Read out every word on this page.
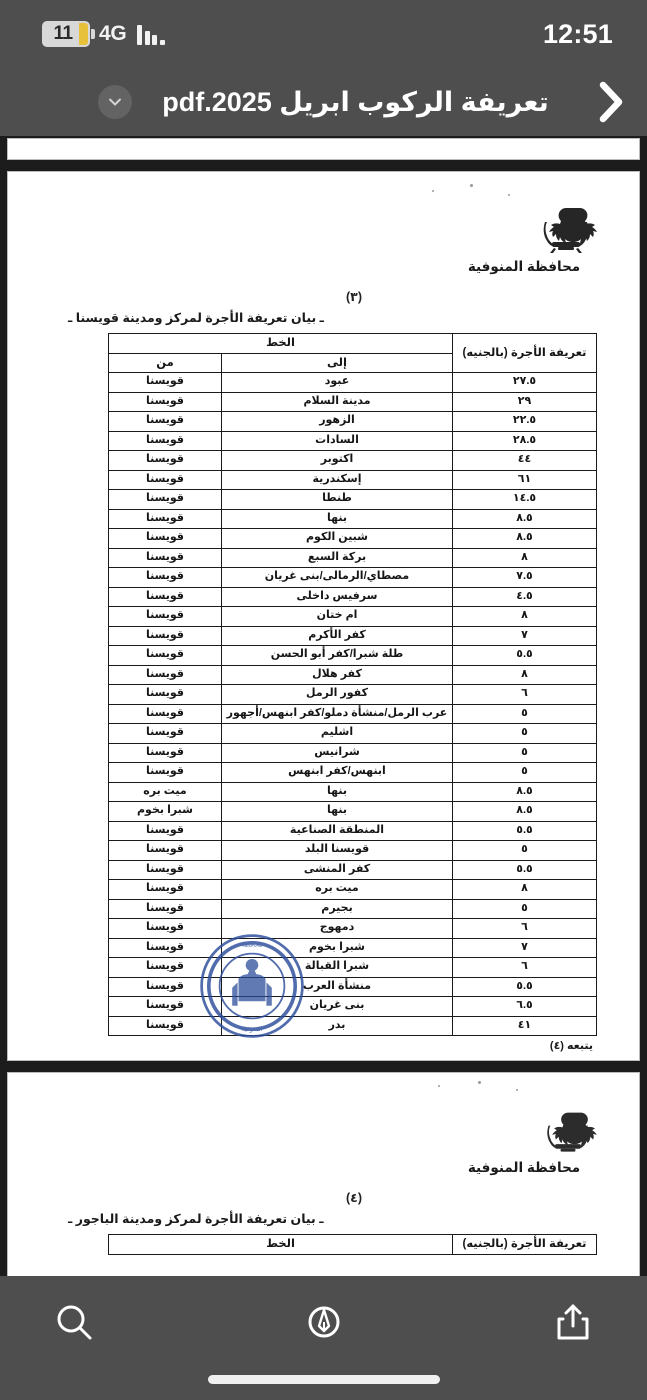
11 4G	12:51
تعريفة الركوب ابريل 2025.pdf
محافظة المنوفية
(٣)
ـ بيان تعريفة الأجرة لمركز ومدينة قويسنا ـ
تعريفة الأجرة (بالجنيه)	الخط	
	إلى	من
٢٧.٥	عبود	قويسنا
٢٩	مدينة السلام	قويسنا
٢٢.٥	الزهور	قويسنا
٢٨.٥	السادات	قويسنا
٤٤	اكتوبر	قويسنا
٦١	إسكندرية	قويسنا
١٤.٥	طنطا	قويسنا
٨.٥	بنها	قويسنا
٨.٥	شبين الكوم	قويسنا
٨	بركة السبع	قويسنا
٧.٥	مصطاي/الرمالى/بنى غريان	قويسنا
٤.٥	سرفيس داخلى	قويسنا
٨	ام ختان	قويسنا
٧	كفر الأكرم	قويسنا
٥.٥	طلة شبرا/كفر أبو الحسن	قويسنا
٨	كفر هلال	قويسنا
٦	كفور الرمل	قويسنا
٥	عرب الرمل/منشأة دملو/كفر ابنهس/أجهور	قويسنا
٥	اشليم	قويسنا
٥	شرانيس	قويسنا
٥	ابنهس/كفر ابنهس	قويسنا
٨.٥	بنها	ميت بره
٨.٥	بنها	شبرا بخوم
٥.٥	المنطقة الصناعية	قويسنا
٥	قويسنا البلد	قويسنا
٥.٥	كفر المنشى	قويسنا
٨	ميت بره	قويسنا
٥	بجيرم	قويسنا
٦	دمهوج	قويسنا
٧	شبرا بخوم	قويسنا
٦	شبرا القبالة	قويسنا
٥.٥	منشأة العرب	قويسنا
٦.٥	بنى غريان	قويسنا
٤١	بدر	قويسنا
يتبعه (٤)
محافظة
المنوفية
محافظة المنوفية
(٤)
ـ بيان تعريفة الأجرة لمركز ومدينة الباجور ـ
تعريفة الأجرة (بالجنيه)	الخط
